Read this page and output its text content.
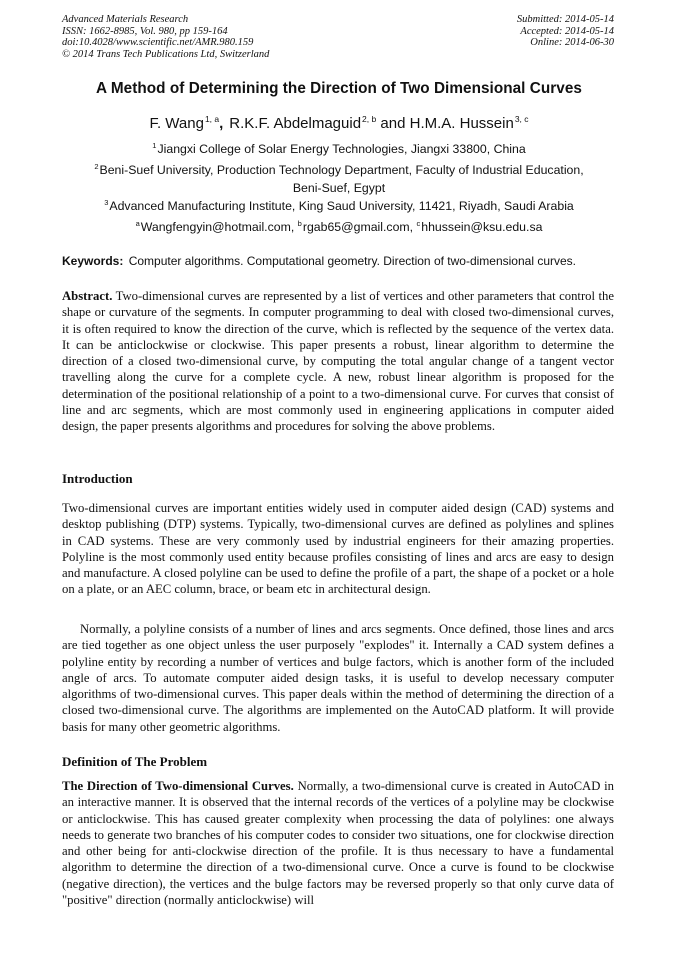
Advanced Materials Research
ISSN: 1662-8985, Vol. 980, pp 159-164
doi:10.4028/www.scientific.net/AMR.980.159
© 2014 Trans Tech Publications Ltd, Switzerland
Submitted: 2014-05-14
Accepted: 2014-05-14
Online: 2014-06-30
A Method of Determining the Direction of Two Dimensional Curves
F. Wang$^{1, a}$, R.K.F. Abdelmaguid$^{2, b}$ and H.M.A. Hussein$^{3, c}$
$^1$Jiangxi College of Solar Energy Technologies, Jiangxi 33800, China
$^2$Beni-Suef University, Production Technology Department, Faculty of Industrial Education,
Beni-Suef, Egypt
$^3$Advanced Manufacturing Institute, King Saud University, 11421, Riyadh, Saudi Arabia
$^a$Wangfengyin@hotmail.com, $^b$rgab65@gmail.com, $^c$hhussein@ksu.edu.sa
Keywords: Computer algorithms. Computational geometry. Direction of two-dimensional curves.
Abstract. Two-dimensional curves are represented by a list of vertices and other parameters that control the shape or curvature of the segments. In computer programming to deal with closed two-dimensional curves, it is often required to know the direction of the curve, which is reflected by the sequence of the vertex data. It can be anticlockwise or clockwise. This paper presents a robust, linear algorithm to determine the direction of a closed two-dimensional curve, by computing the total angular change of a tangent vector travelling along the curve for a complete cycle. A new, robust linear algorithm is proposed for the determination of the positional relationship of a point to a two-dimensional curve. For curves that consist of line and arc segments, which are most commonly used in engineering applications in computer aided design, the paper presents algorithms and procedures for solving the above problems.
Introduction
Two-dimensional curves are important entities widely used in computer aided design (CAD) systems and desktop publishing (DTP) systems. Typically, two-dimensional curves are defined as polylines and splines in CAD systems. These are very commonly used by industrial engineers for their amazing properties. Polyline is the most commonly used entity because profiles consisting of lines and arcs are easy to design and manufacture. A closed polyline can be used to define the profile of a part, the shape of a pocket or a hole on a plate, or an AEC column, brace, or beam etc in architectural design.
Normally, a polyline consists of a number of lines and arcs segments. Once defined, those lines and arcs are tied together as one object unless the user purposely "explodes" it. Internally a CAD system defines a polyline entity by recording a number of vertices and bulge factors, which is another form of the included angle of arcs. To automate computer aided design tasks, it is useful to develop necessary computer algorithms of two-dimensional curves. This paper deals within the method of determining the direction of a closed two-dimensional curve. The algorithms are implemented on the AutoCAD platform. It will provide basis for many other geometric algorithms.
Definition of The Problem
The Direction of Two-dimensional Curves. Normally, a two-dimensional curve is created in AutoCAD in an interactive manner. It is observed that the internal records of the vertices of a polyline may be clockwise or anticlockwise. This has caused greater complexity when processing the data of polylines: one always needs to generate two branches of his computer codes to consider two situations, one for clockwise direction and other being for anti-clockwise direction of the profile. It is thus necessary to have a fundamental algorithm to determine the direction of a two-dimensional curve. Once a curve is found to be clockwise (negative direction), the vertices and the bulge factors may be reversed properly so that only curve data of "positive" direction (normally anticlockwise) will
